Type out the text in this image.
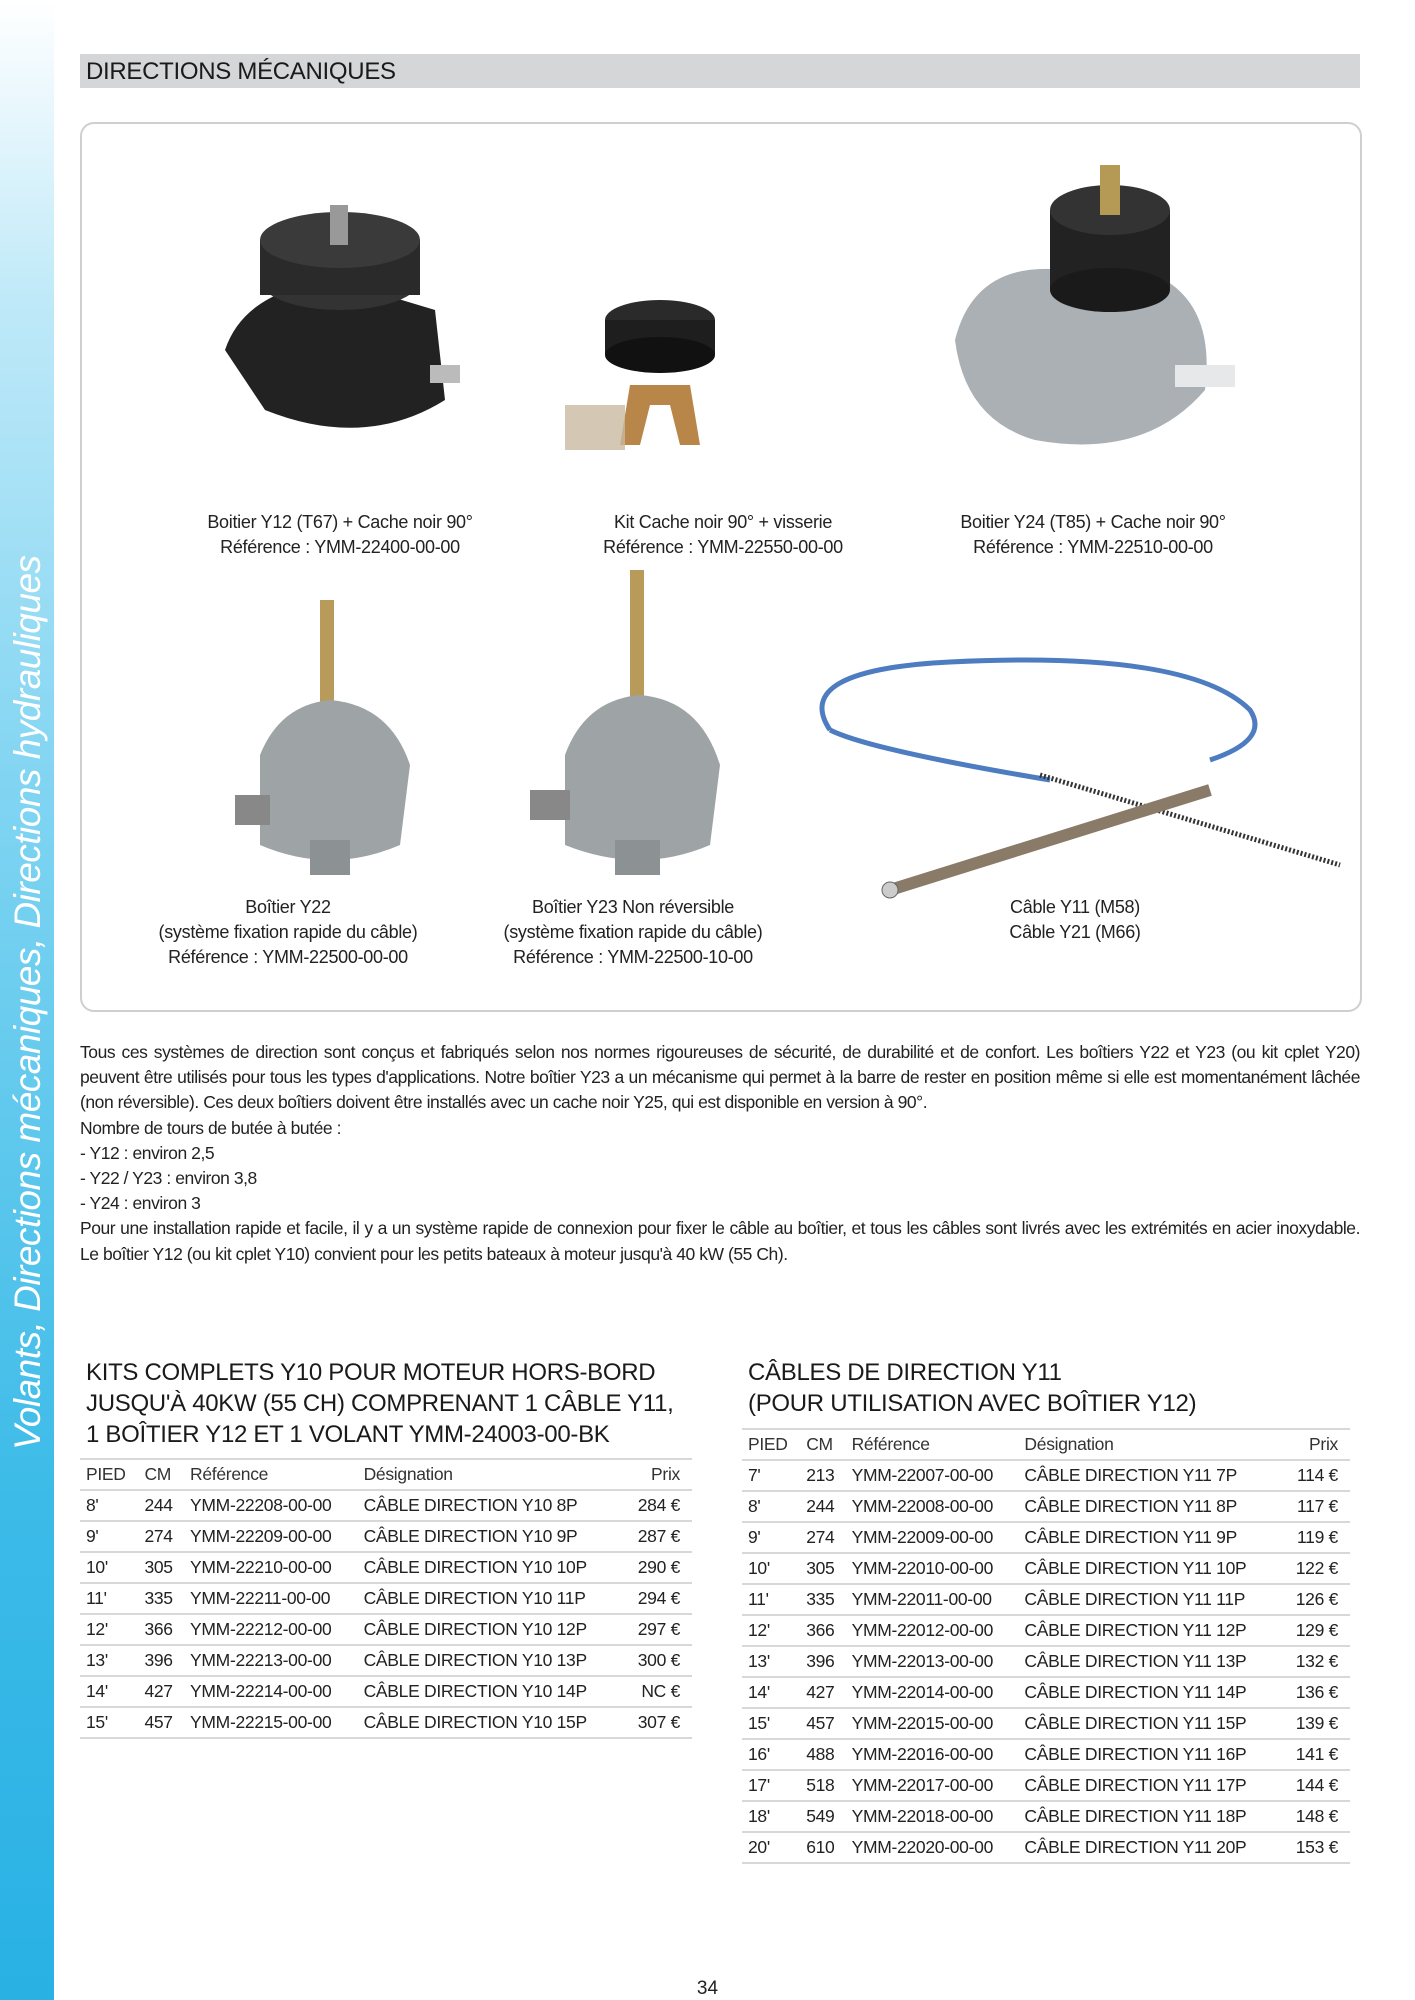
Volants, Directions mécaniques, Directions hydrauliques
DIRECTIONS MÉCANIQUES
Boitier Y12 (T67) + Cache noir 90°
Référence : YMM-22400-00-00
Kit Cache noir 90° + visserie
Référence : YMM-22550-00-00
Boitier Y24 (T85) + Cache noir 90°
Référence : YMM-22510-00-00
Boîtier Y22
(système fixation rapide du câble)
Référence : YMM-22500-00-00
Boîtier Y23 Non réversible
(système fixation rapide du câble)
Référence : YMM-22500-10-00
Câble Y11 (M58)
Câble Y21 (M66)

Tous ces systèmes de direction sont conçus et fabriqués selon nos normes rigoureuses de sécurité, de durabilité et de confort. Les boîtiers Y22 et Y23 (ou kit cplet Y20) peuvent être utilisés pour tous les types d'applications. Notre boîtier Y23 a un mécanisme qui permet à la barre de rester en position même si elle est momentanément lâchée (non réversible). Ces deux boîtiers doivent être installés avec un cache noir Y25, qui est disponible en version à 90°.

Nombre de tours de butée à butée :

- Y12 : environ 2,5

- Y22 / Y23 : environ 3,8

- Y24 : environ 3

Pour une installation rapide et facile, il y a un système rapide de connexion pour fixer le câble au boîtier, et tous les câbles sont livrés avec les extrémités en acier inoxydable. Le boîtier Y12 (ou kit cplet Y10) convient pour les petits bateaux à moteur jusqu'à 40 kW (55 Ch).

KITS COMPLETS Y10 POUR MOTEUR HORS-BORD
JUSQU'À 40KW (55 CH) COMPRENANT 1 CÂBLE Y11,
1 BOÎTIER Y12 ET 1 VOLANT YMM-24003-00-BK
PIED	CM	Référence	Désignation	Prix
8'	244	YMM-22208-00-00	CÂBLE DIRECTION Y10 8P	284 €
9'	274	YMM-22209-00-00	CÂBLE DIRECTION Y10 9P	287 €
10'	305	YMM-22210-00-00	CÂBLE DIRECTION Y10 10P	290 €
11'	335	YMM-22211-00-00	CÂBLE DIRECTION Y10 11P	294 €
12'	366	YMM-22212-00-00	CÂBLE DIRECTION Y10 12P	297 €
13'	396	YMM-22213-00-00	CÂBLE DIRECTION Y10 13P	300 €
14'	427	YMM-22214-00-00	CÂBLE DIRECTION Y10 14P	NC €
15'	457	YMM-22215-00-00	CÂBLE DIRECTION Y10 15P	307 €
CÂBLES DE DIRECTION Y11
(POUR UTILISATION AVEC BOÎTIER Y12)
PIED	CM	Référence	Désignation	Prix
7'	213	YMM-22007-00-00	CÂBLE DIRECTION Y11 7P	114 €
8'	244	YMM-22008-00-00	CÂBLE DIRECTION Y11 8P	117 €
9'	274	YMM-22009-00-00	CÂBLE DIRECTION Y11 9P	119 €
10'	305	YMM-22010-00-00	CÂBLE DIRECTION Y11 10P	122 €
11'	335	YMM-22011-00-00	CÂBLE DIRECTION Y11 11P	126 €
12'	366	YMM-22012-00-00	CÂBLE DIRECTION Y11 12P	129 €
13'	396	YMM-22013-00-00	CÂBLE DIRECTION Y11 13P	132 €
14'	427	YMM-22014-00-00	CÂBLE DIRECTION Y11 14P	136 €
15'	457	YMM-22015-00-00	CÂBLE DIRECTION Y11 15P	139 €
16'	488	YMM-22016-00-00	CÂBLE DIRECTION Y11 16P	141 €
17'	518	YMM-22017-00-00	CÂBLE DIRECTION Y11 17P	144 €
18'	549	YMM-22018-00-00	CÂBLE DIRECTION Y11 18P	148 €
20'	610	YMM-22020-00-00	CÂBLE DIRECTION Y11 20P	153 €
34
